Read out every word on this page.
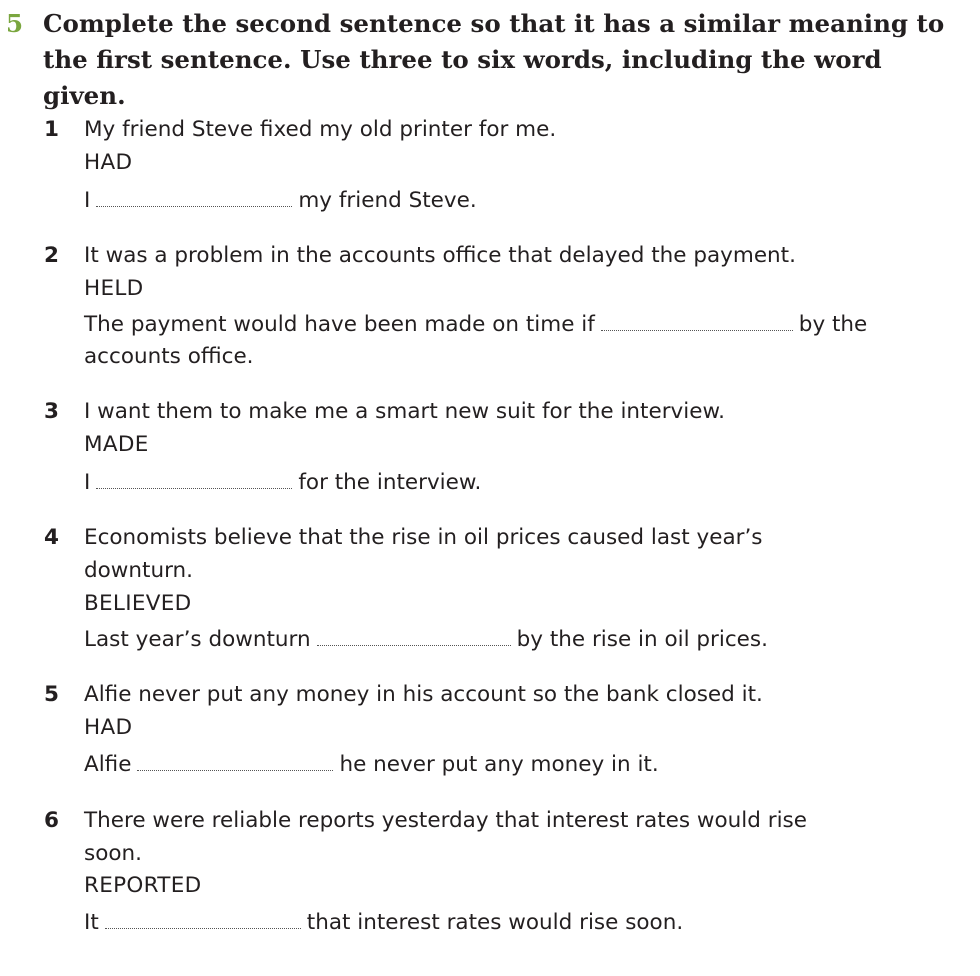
5 Complete the second sentence so that it has a similar meaning to the first sentence. Use three to six words, including the word given.
1 My friend Steve fixed my old printer for me.
HAD
I	my friend Steve.
2 It was a problem in the accounts office that delayed the payment.
HELD
The payment would have been made on time if	by the
accounts office.
3 I want them to make me a smart new suit for the interview.
MADE
I	for the interview.
4 Economists believe that the rise in oil prices caused last year’s
downturn.
BELIEVED
Last year’s downturn	by the rise in oil prices.
5 Alfie never put any money in his account so the bank closed it.
HAD
Alfie	he never put any money in it.
6 There were reliable reports yesterday that interest rates would rise
soon.
REPORTED
It	that interest rates would rise soon.
